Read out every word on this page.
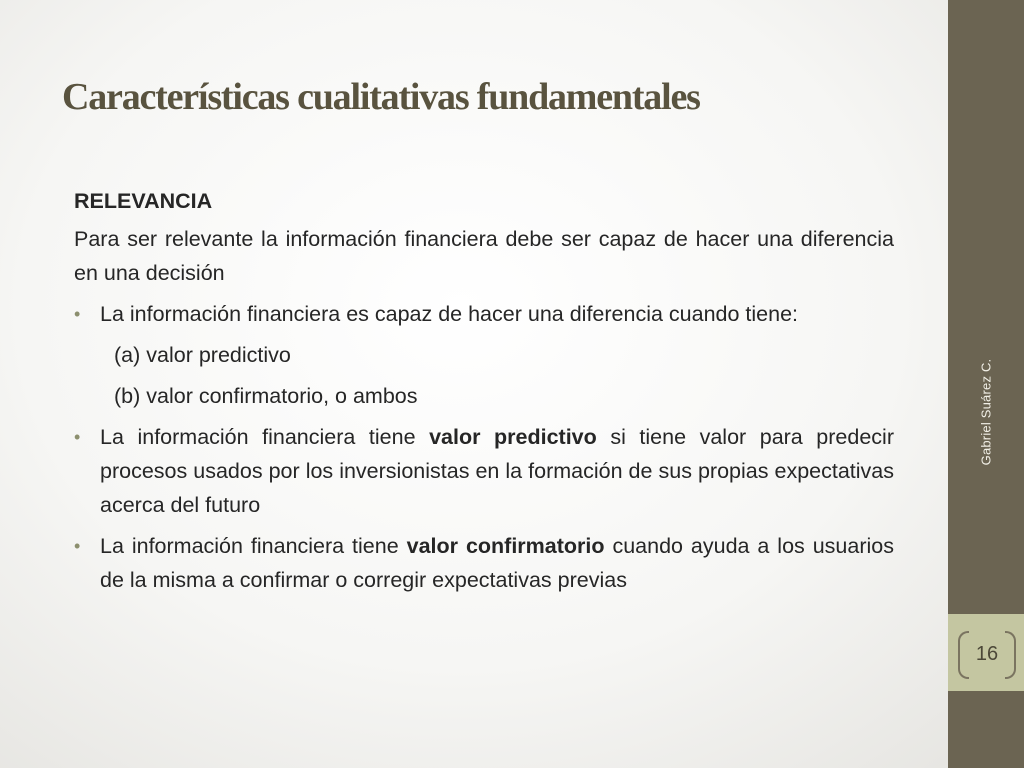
Características cualitativas fundamentales
RELEVANCIA
Para ser relevante la información financiera debe ser capaz de hacer una diferencia en una decisión
• La información financiera es capaz de hacer una diferencia cuando tiene:
(a) valor predictivo
(b) valor confirmatorio, o ambos
• La información financiera tiene valor predictivo si tiene valor para predecir procesos usados por los inversionistas en la formación de sus propias expectativas acerca del futuro
• La información financiera tiene valor confirmatorio cuando ayuda a los usuarios de la misma a confirmar o corregir expectativas previas
Gabriel Suárez C.
16
